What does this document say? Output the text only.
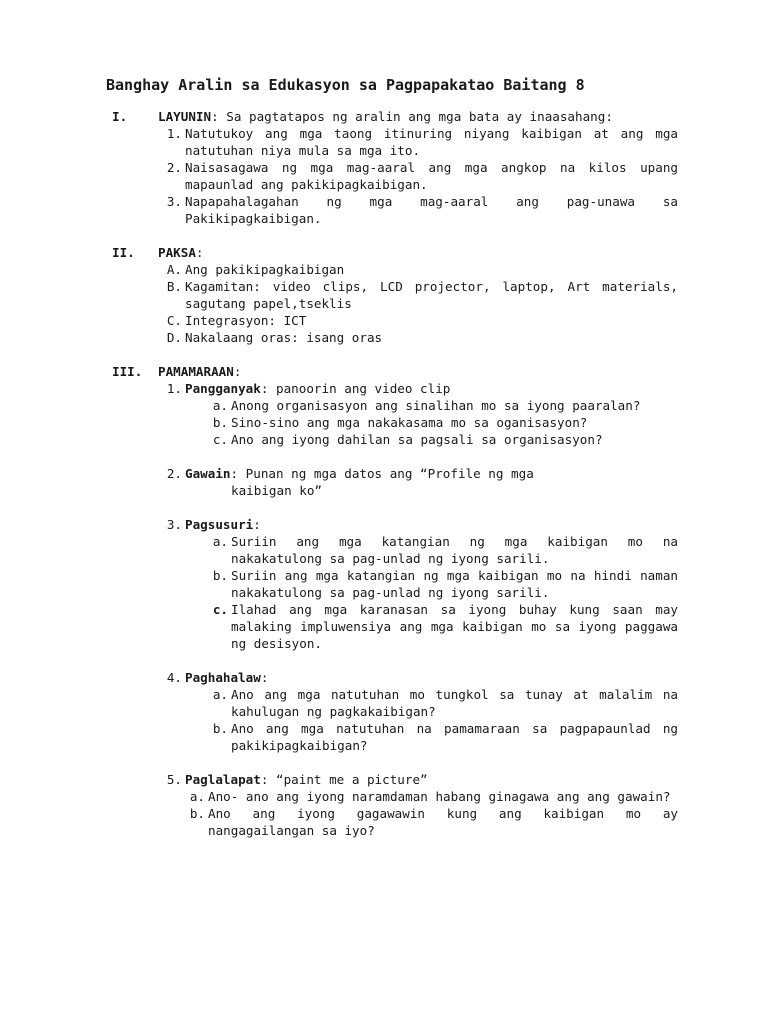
Banghay Aralin sa Edukasyon sa Pagpapakatao Baitang 8
I.	LAYUNIN: Sa pagtatapos ng aralin ang mga bata ay inaasahang:
1. Natutukoy ang mga taong itinuring niyang kaibigan at ang mga natutuhan niya mula sa mga ito.
2. Naisasagawa ng mga mag-aaral ang mga angkop na kilos upang mapaunlad ang pakikipagkaibigan.
3. Napapahalagahan ng mga mag-aaral ang pag-unawa sa Pakikipagkaibigan.
II.	PAKSA:
A. Ang pakikipagkaibigan
B. Kagamitan: video clips, LCD projector, laptop, Art materials, sagutang papel,tseklis
C. Integrasyon: ICT
D. Nakalaang oras: isang oras
III.	PAMAMARAAN:
1. Pangganyak: panoorin ang video clip
a. Anong organisasyon ang sinalihan mo sa iyong paaralan?
b. Sino-sino ang mga nakakasama mo sa oganisasyon?
c. Ano ang iyong dahilan sa pagsali sa organisasyon?
2. Gawain: Punan ng mga datos ang “Profile ng mga
kaibigan ko”
3. Pagsusuri:
a. Suriin ang mga katangian ng mga kaibigan mo na nakakatulong sa pag-unlad ng iyong sarili.
b. Suriin ang mga katangian ng mga kaibigan mo na hindi naman nakakatulong sa pag-unlad ng iyong sarili.
c. Ilahad ang mga karanasan sa iyong buhay kung saan may malaking impluwensiya ang mga kaibigan mo sa iyong paggawa ng desisyon.
4. Paghahalaw:
a. Ano ang mga natutuhan mo tungkol sa tunay at malalim na kahulugan ng pagkakaibigan?
b. Ano ang mga natutuhan na pamamaraan sa pagpapaunlad ng pakikipagkaibigan?
5. Paglalapat: “paint me a picture”
a. Ano- ano ang iyong naramdaman habang ginagawa ang ang gawain?
b. Ano ang iyong gagawawin kung ang kaibigan mo ay nangagailangan sa iyo?
